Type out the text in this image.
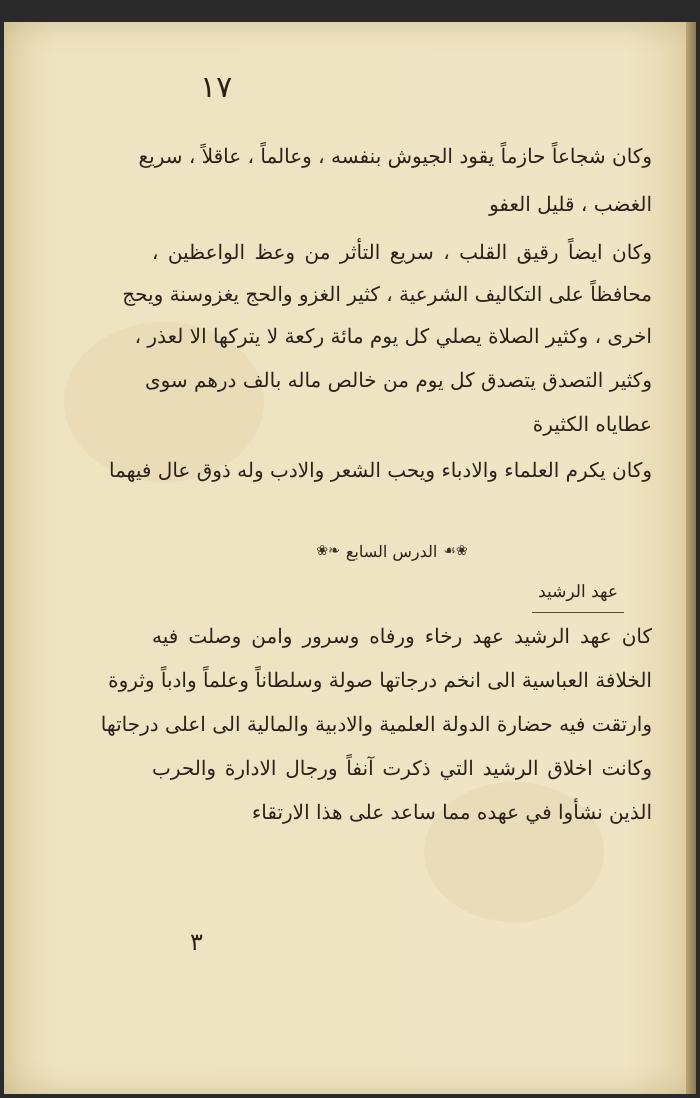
١٧
وكان شجاعاً حازماً يقود الجيوش بنفسه ، وعالماً ، عاقلاً ، سريع
الغضب ، قليل العفو
وكان ايضاً رقيق القلب ، سريع التأثر من وعظ الواعظين ،
محافظاً على التكاليف الشرعية ، كثير الغزو والحج يغزوسنة ويحج
اخرى ، وكثير الصلاة يصلي كل يوم مائة ركعة لا يتركها الا لعذر ،
وكثير التصدق يتصدق كل يوم من خالص ماله بالف درهم سوى
عطاياه الكثيرة
وكان يكرم العلماء والادباء ويحب الشعر والادب وله ذوق عال فيهما
❀❧ الدرس السابع ☙❀
عهد الرشيد
كان عهد الرشيد عهد رخاء ورفاه وسرور وامن وصلت فيه
الخلافة العباسية الى انخم درجاتها صولة وسلطاناً وعلماً وادباً وثروة
وارتقت فيه حضارة الدولة العلمية والادبية والمالية الى اعلى درجاتها
وكانت اخلاق الرشيد التي ذكرت آنفاً ورجال الادارة والحرب
الذين نشأوا في عهده مما ساعد على هذا الارتقاء
٣
